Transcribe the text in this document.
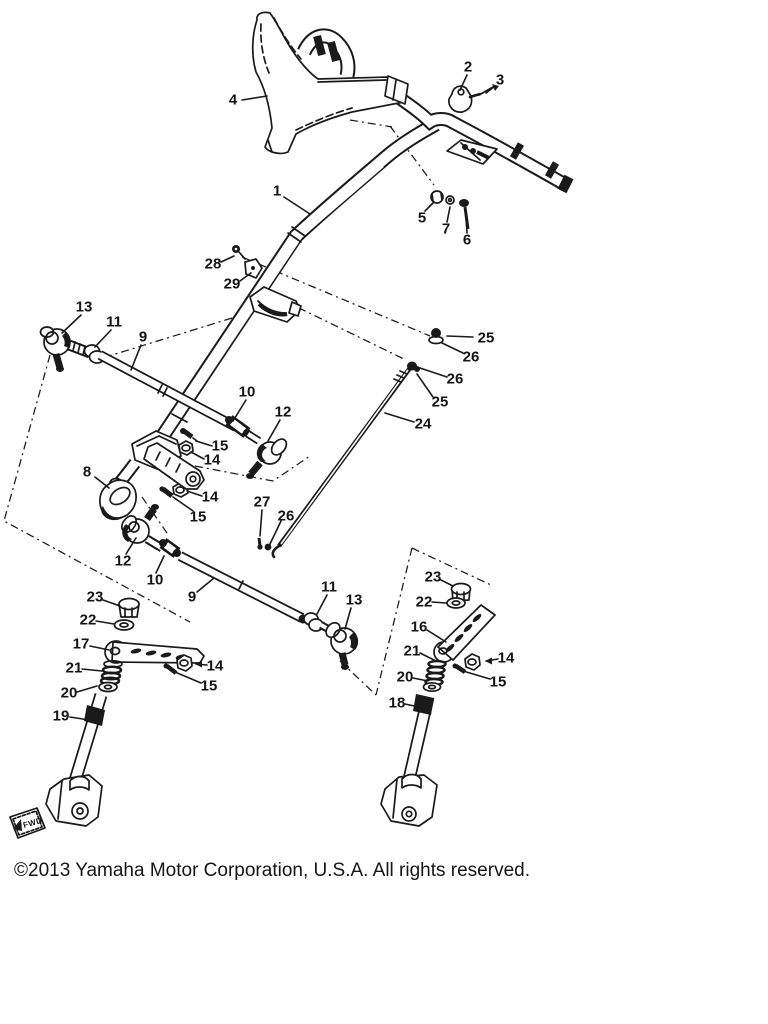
FWD
1
2
3
4
5
6
7
8
9
10
11
12
13
15
14
14
15
25
26
26
25
24
27
26
12
10
9
11
13
23
22
17
21
20
19
14
15
23
22
16
21
20
18
14
15
28
29
©2013 Yamaha Motor Corporation, U.S.A. All rights reserved.
